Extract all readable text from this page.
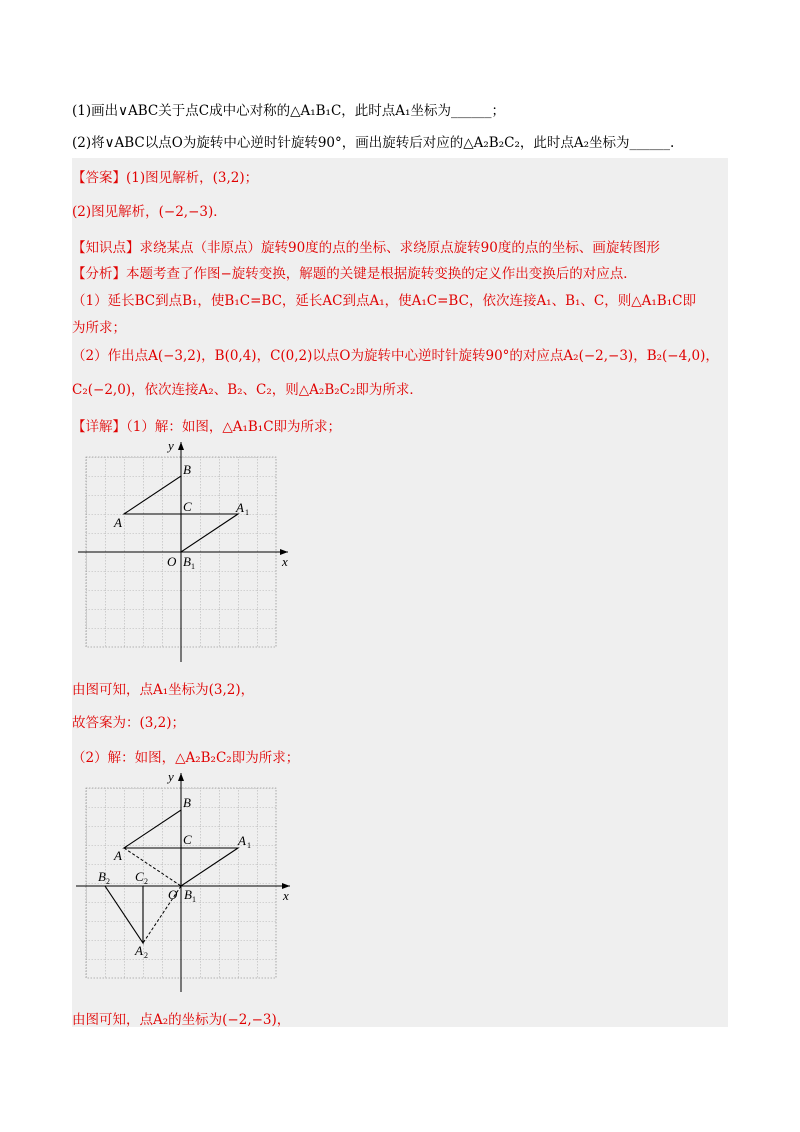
(1)画出∨ABC关于点C成中心对称的△A₁B₁C，此时点A₁坐标为______；
(2)将∨ABC以点O为旋转中心逆时针旋转90°，画出旋转后对应的△A₂B₂C₂，此时点A₂坐标为______.
【答案】(1)图见解析，(3,2)；
(2)图见解析，(−2,−3)．
【知识点】求绕某点（非原点）旋转90度的点的坐标、求绕原点旋转90度的点的坐标、画旋转图形
【分析】本题考查了作图−旋转变换，解题的关键是根据旋转变换的定义作出变换后的对应点．
（1）延长BC到点B₁，使B₁C=BC，延长AC到点A₁，使A₁C=BC，依次连接A₁、B₁、C，则△A₁B₁C即
为所求；
（2）作出点A(−3,2)，B(0,4)，C(0,2)以点O为旋转中心逆时针旋转90°的对应点A₂(−2,−3)，B₂(−4,0)，
C₂(−2,0)，依次连接A₂、B₂、C₂，则△A₂B₂C₂即为所求．
【详解】（1）解：如图，△A₁B₁C即为所求；
B
C
A
A 1
O B 1
y
x
由图可知，点A₁坐标为(3,2)，
故答案为：(3,2)；
（2）解：如图，△A₂B₂C₂即为所求；
B
C
A
A 1
O B 1
B 2 C 2
A 2
y
x
由图可知，点A₂的坐标为(−2,−3)，
